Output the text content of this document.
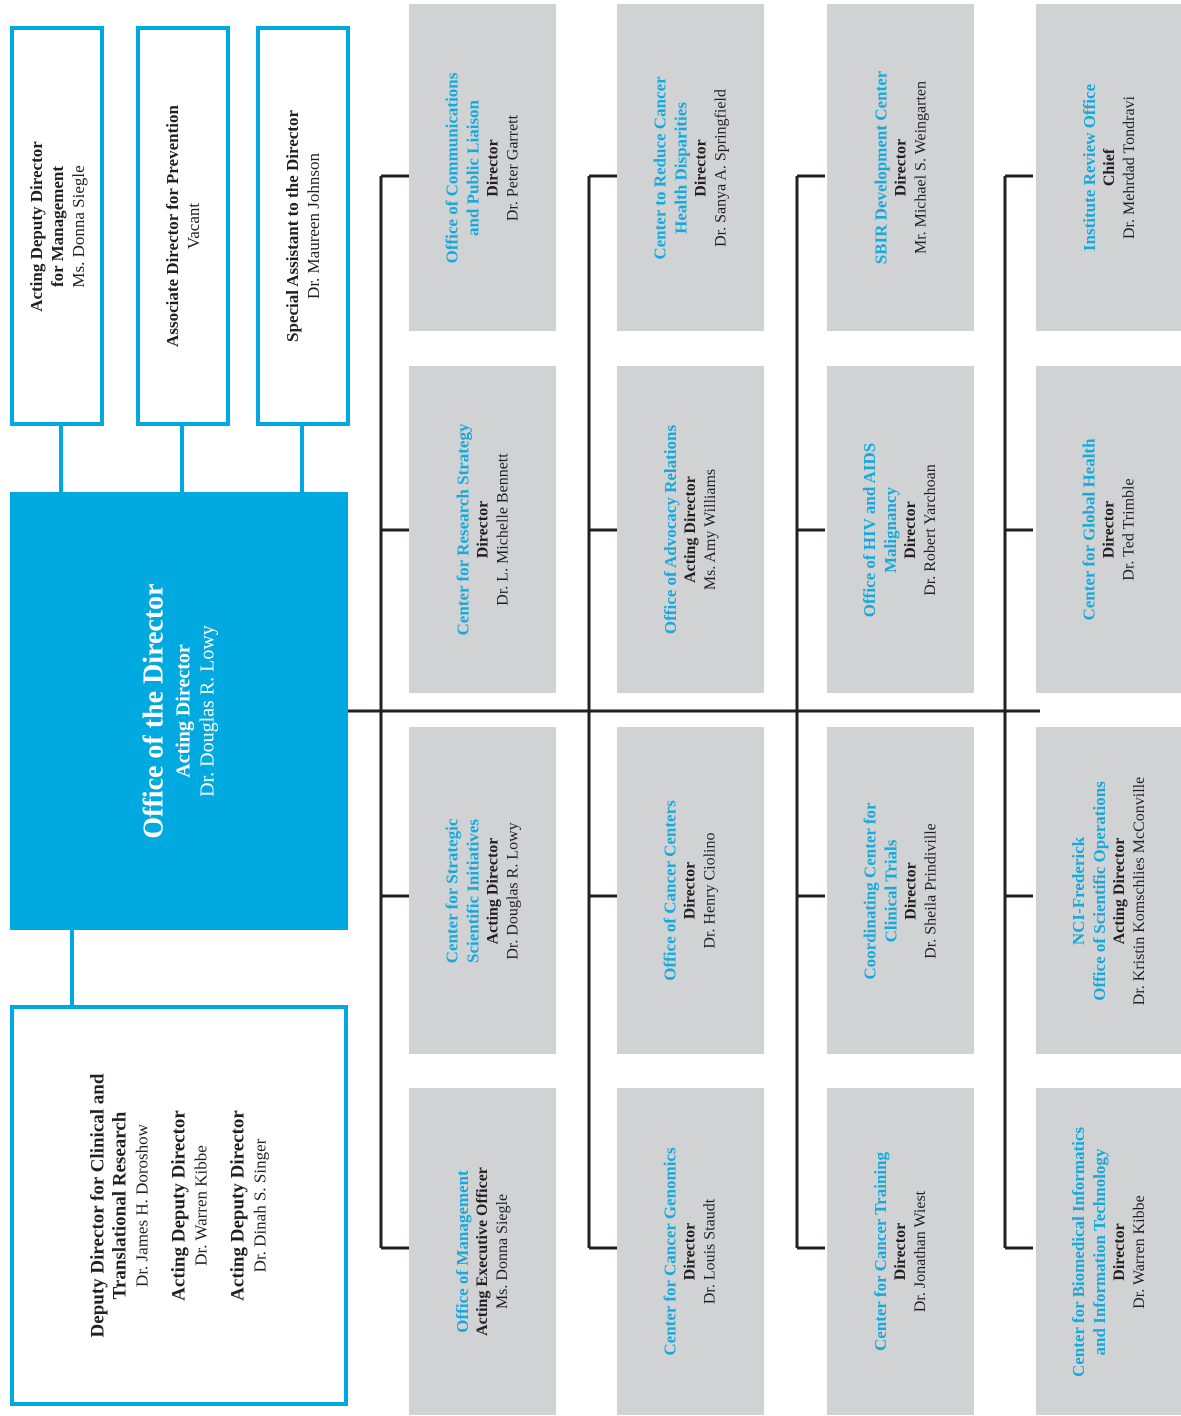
Acting Deputy Director for Management Ms. Donna Siegle	Associate Director for Prevention Vacant	Special Assistant to the Director Dr. Maureen Johnson
Office of the Director Acting Director Dr. Douglas R. Lowy
Deputy Director for Clinical and Translational Research Dr. James H. Doroshow Acting Deputy Director Dr. Warren Kibbe Acting Deputy Director Dr. Dinah S. Singer
Office of Communications and Public Liaison Director Dr. Peter Garrett
Center for Research Strategy Director Dr. L. Michelle Bennett
Center for Strategic Scientific Initiatives Acting Director Dr. Douglas R. Lowy
Office of Management Acting Executive Officer Ms. Donna Siegle
Center to Reduce Cancer Health Disparities Director Dr. Sanya A. Springfield
Office of Advocacy Relations Acting Director Ms. Amy Williams
Office of Cancer Centers Director Dr. Henry Ciolino
Center for Cancer Genomics Director Dr. Louis Staudt
SBIR Development Center Director Mr. Michael S. Weingarten
Office of HIV and AIDS Malignancy Director Dr. Robert Yarchoan
Coordinating Center for Clinical Trials Director Dr. Sheila Prindiville
Center for Cancer Training Director Dr. Jonathan Wiest
Institute Review Office Chief Dr. Mehrdad Tondravi
Center for Global Health Director Dr. Ted Trimble
NCI-Frederick Office of Scientific Operations Acting Director Dr. Kristin Komschlies McConville
Center for Biomedical Informatics and Information Technology Director Dr. Warren Kibbe
